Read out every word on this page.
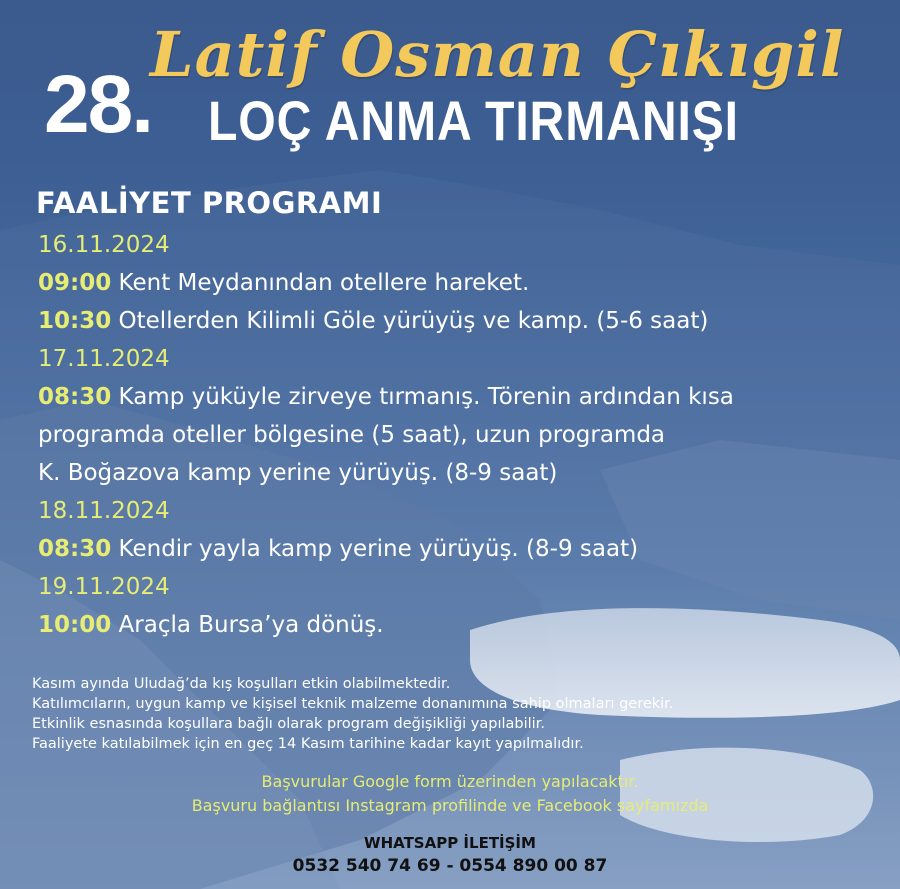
Latif Osman Çıkıgil
28. LOÇ ANMA TIRMANIŞI
FAALİYET PROGRAMI
16.11.2024
09:00 Kent Meydanından otellere hareket.
10:30 Otellerden Kilimli Göle yürüyüş ve kamp. (5-6 saat)
17.11.2024
08:30 Kamp yüküyle zirveye tırmanış. Törenin ardından kısa
programda oteller bölgesine (5 saat), uzun programda
K. Boğazova kamp yerine yürüyüş. (8-9 saat)
18.11.2024
08:30 Kendir yayla kamp yerine yürüyüş. (8-9 saat)
19.11.2024
10:00 Araçla Bursa’ya dönüş.
Kasım ayında Uludağ’da kış koşulları etkin olabilmektedir.
Katılımcıların, uygun kamp ve kişisel teknik malzeme donanımına sahip olmaları gerekir.
Etkinlik esnasında koşullara bağlı olarak program değişikliği yapılabilir.
Faaliyete katılabilmek için en geç 14 Kasım tarihine kadar kayıt yapılmalıdır.
Başvurular Google form üzerinden yapılacaktır.
Başvuru bağlantısı Instagram profilinde ve Facebook sayfamızda
WHATSAPP İLETİŞİM
0532 540 74 69 - 0554 890 00 87
